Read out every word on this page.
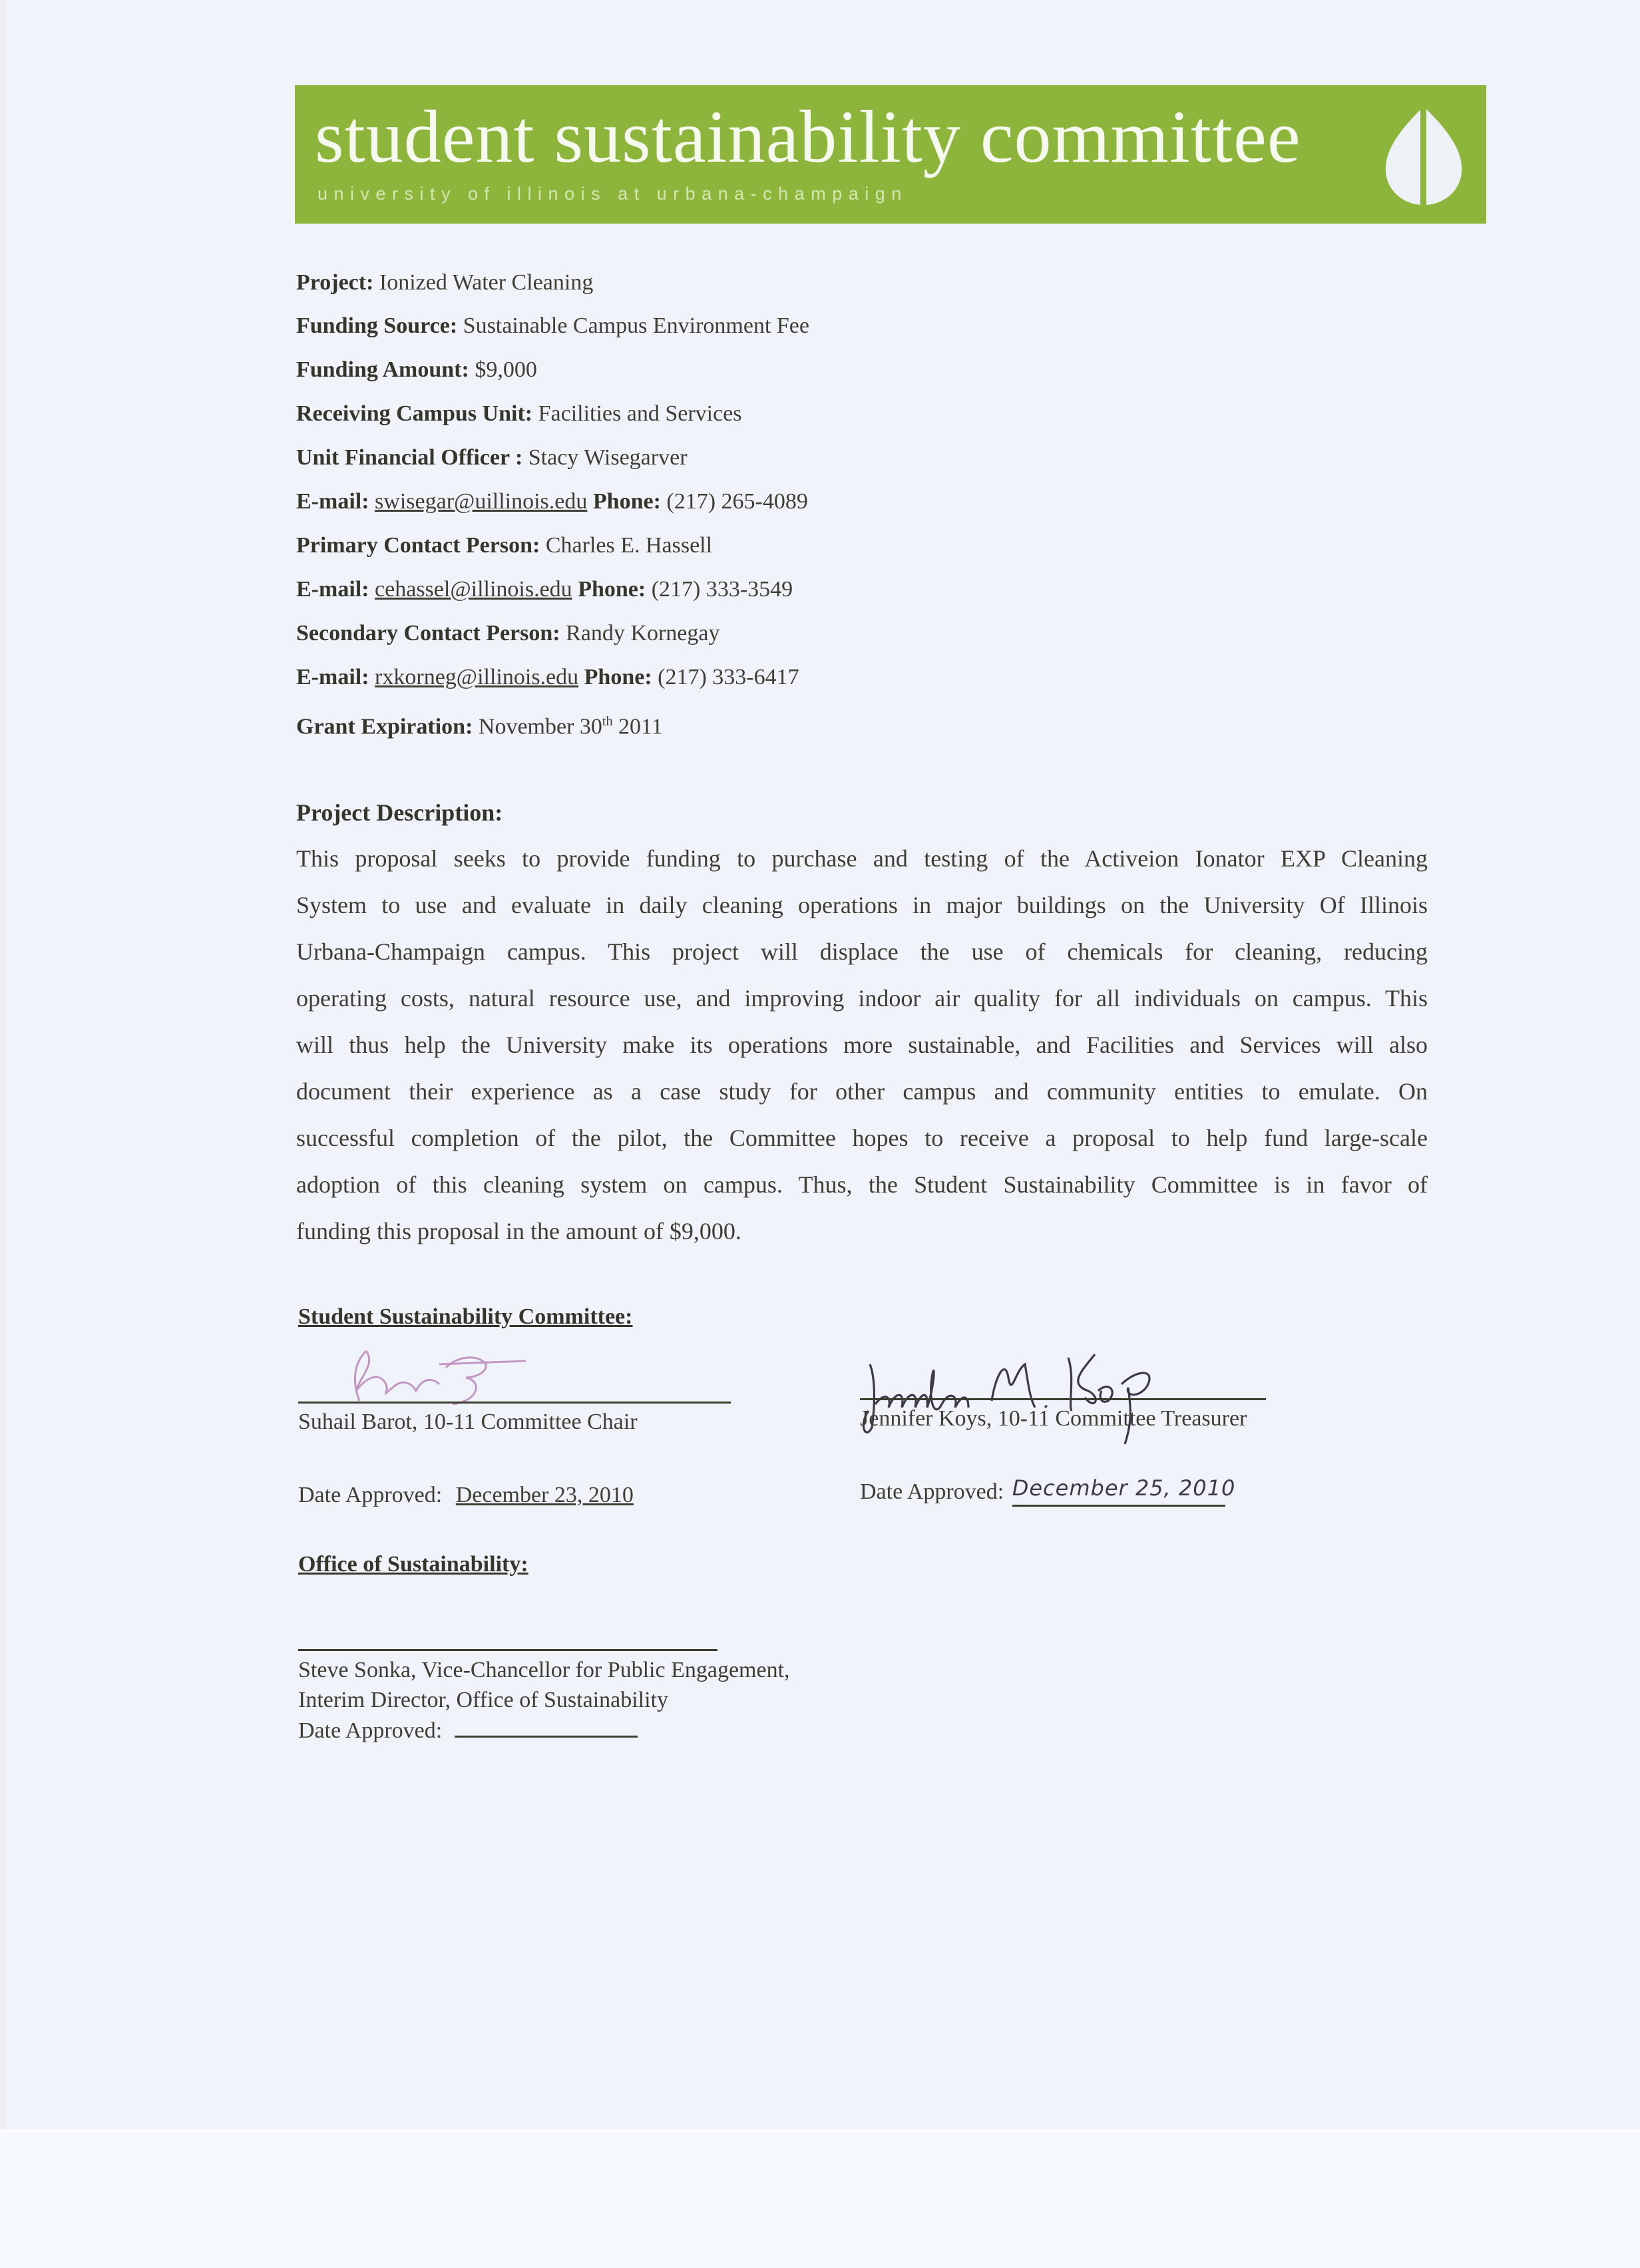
student sustainability committee
university of illinois at urbana-champaign
Project: Ionized Water Cleaning
Funding Source: Sustainable Campus Environment Fee
Funding Amount: $9,000
Receiving Campus Unit: Facilities and Services
Unit Financial Officer : Stacy Wisegarver
E-mail: swisegar@uillinois.edu Phone: (217) 265-4089
Primary Contact Person: Charles E. Hassell
E-mail: cehassel@illinois.edu Phone: (217) 333-3549
Secondary Contact Person: Randy Kornegay
E-mail: rxkorneg@illinois.edu Phone: (217) 333-6417
Grant Expiration: November 30th 2011
Project Description:
This proposal seeks to provide funding to purchase and testing of the Activeion Ionator EXP Cleaning
System to use and evaluate in daily cleaning operations in major buildings on the University Of Illinois
Urbana-Champaign campus. This project will displace the use of chemicals for cleaning, reducing
operating costs, natural resource use, and improving indoor air quality for all individuals on campus. This
will thus help the University make its operations more sustainable, and Facilities and Services will also
document their experience as a case study for other campus and community entities to emulate. On
successful completion of the pilot, the Committee hopes to receive a proposal to help fund large-scale
adoption of this cleaning system on campus. Thus, the Student Sustainability Committee is in favor of
funding this proposal in the amount of $9,000.
Student Sustainability Committee:
Suhail Barot, 10-11 Committee Chair
Date Approved: December 23, 2010
Jennifer Koys, 10-11 Committee Treasurer
Date Approved: December 25, 2010
Office of Sustainability:
Steve Sonka, Vice-Chancellor for Public Engagement,
Interim Director, Office of Sustainability
Date Approved:
